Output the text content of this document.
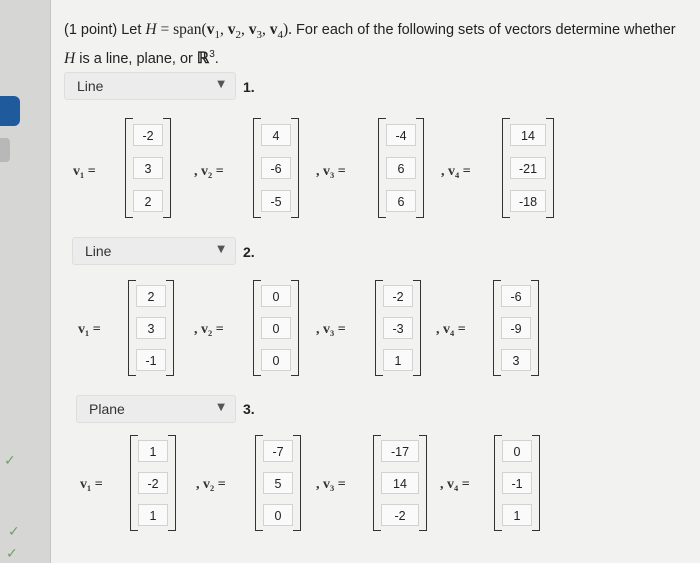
✓
✓
✓
(1 point) Let $H = span(v_1$, $v_2$, $v_3$, $v_4$). For each of the following sets of vectors determine whether H is a line, plane, or ℝ$^3$.
Line	▼ 1.
v₁ =
-2
3
2
, v₂ =
4
-6
-5
, v₃ =
-4
6
6
, v₄ =
14
-21
-18
Line	▼ 2.
v₁ =
2
3
-1
, v₂ =
0
0
0
, v₃ =
-2
-3
1
, v₄ =
-6
-9
3
Plane	▼ 3.
v₁ =
1
-2
1
, v₂ =
-7
5
0
, v₃ =
-17
14
-2
, v₄ =
0
-1
1
